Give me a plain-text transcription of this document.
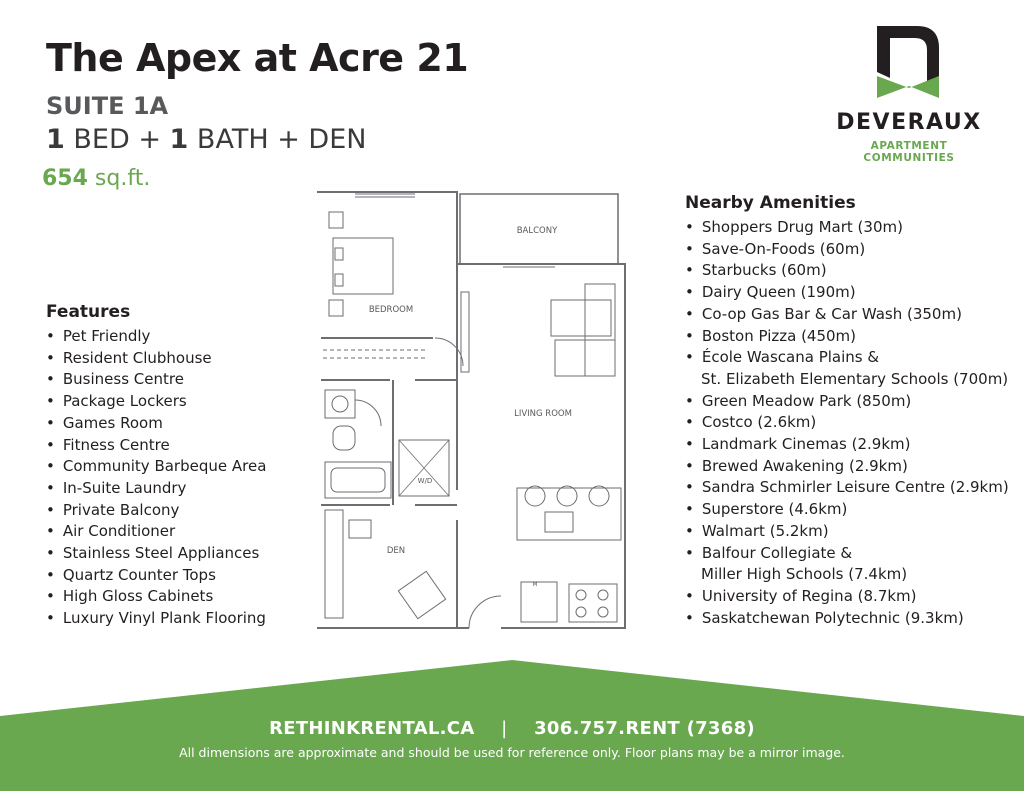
The Apex at Acre 21
SUITE 1A
1 BED + 1 BATH + DEN
654 sq.ft.
DEVERAUX
APARTMENT COMMUNITIES
Features
• Pet Friendly
• Resident Clubhouse
• Business Centre
• Package Lockers
• Games Room
• Fitness Centre
• Community Barbeque Area
• In-Suite Laundry
• Private Balcony
• Air Conditioner
• Stainless Steel Appliances
• Quartz Counter Tops
• High Gloss Cabinets
• Luxury Vinyl Plank Flooring
BALCONY
BEDROOM
LIVING ROOM
DEN
W/D
M
Nearby Amenities
• Shoppers Drug Mart (30m)
• Save-On-Foods (60m)
• Starbucks (60m)
• Dairy Queen (190m)
• Co-op Gas Bar & Car Wash (350m)
• Boston Pizza (450m)
• École Wascana Plains &
St. Elizabeth Elementary Schools (700m)
• Green Meadow Park (850m)
• Costco (2.6km)
• Landmark Cinemas (2.9km)
• Brewed Awakening (2.9km)
• Sandra Schmirler Leisure Centre (2.9km)
• Superstore (4.6km)
• Walmart (5.2km)
• Balfour Collegiate &
Miller High Schools (7.4km)
• University of Regina (8.7km)
• Saskatchewan Polytechnic (9.3km)
RETHINKRENTAL.CA | 306.757.RENT (7368)
All dimensions are approximate and should be used for reference only. Floor plans may be a mirror image.
